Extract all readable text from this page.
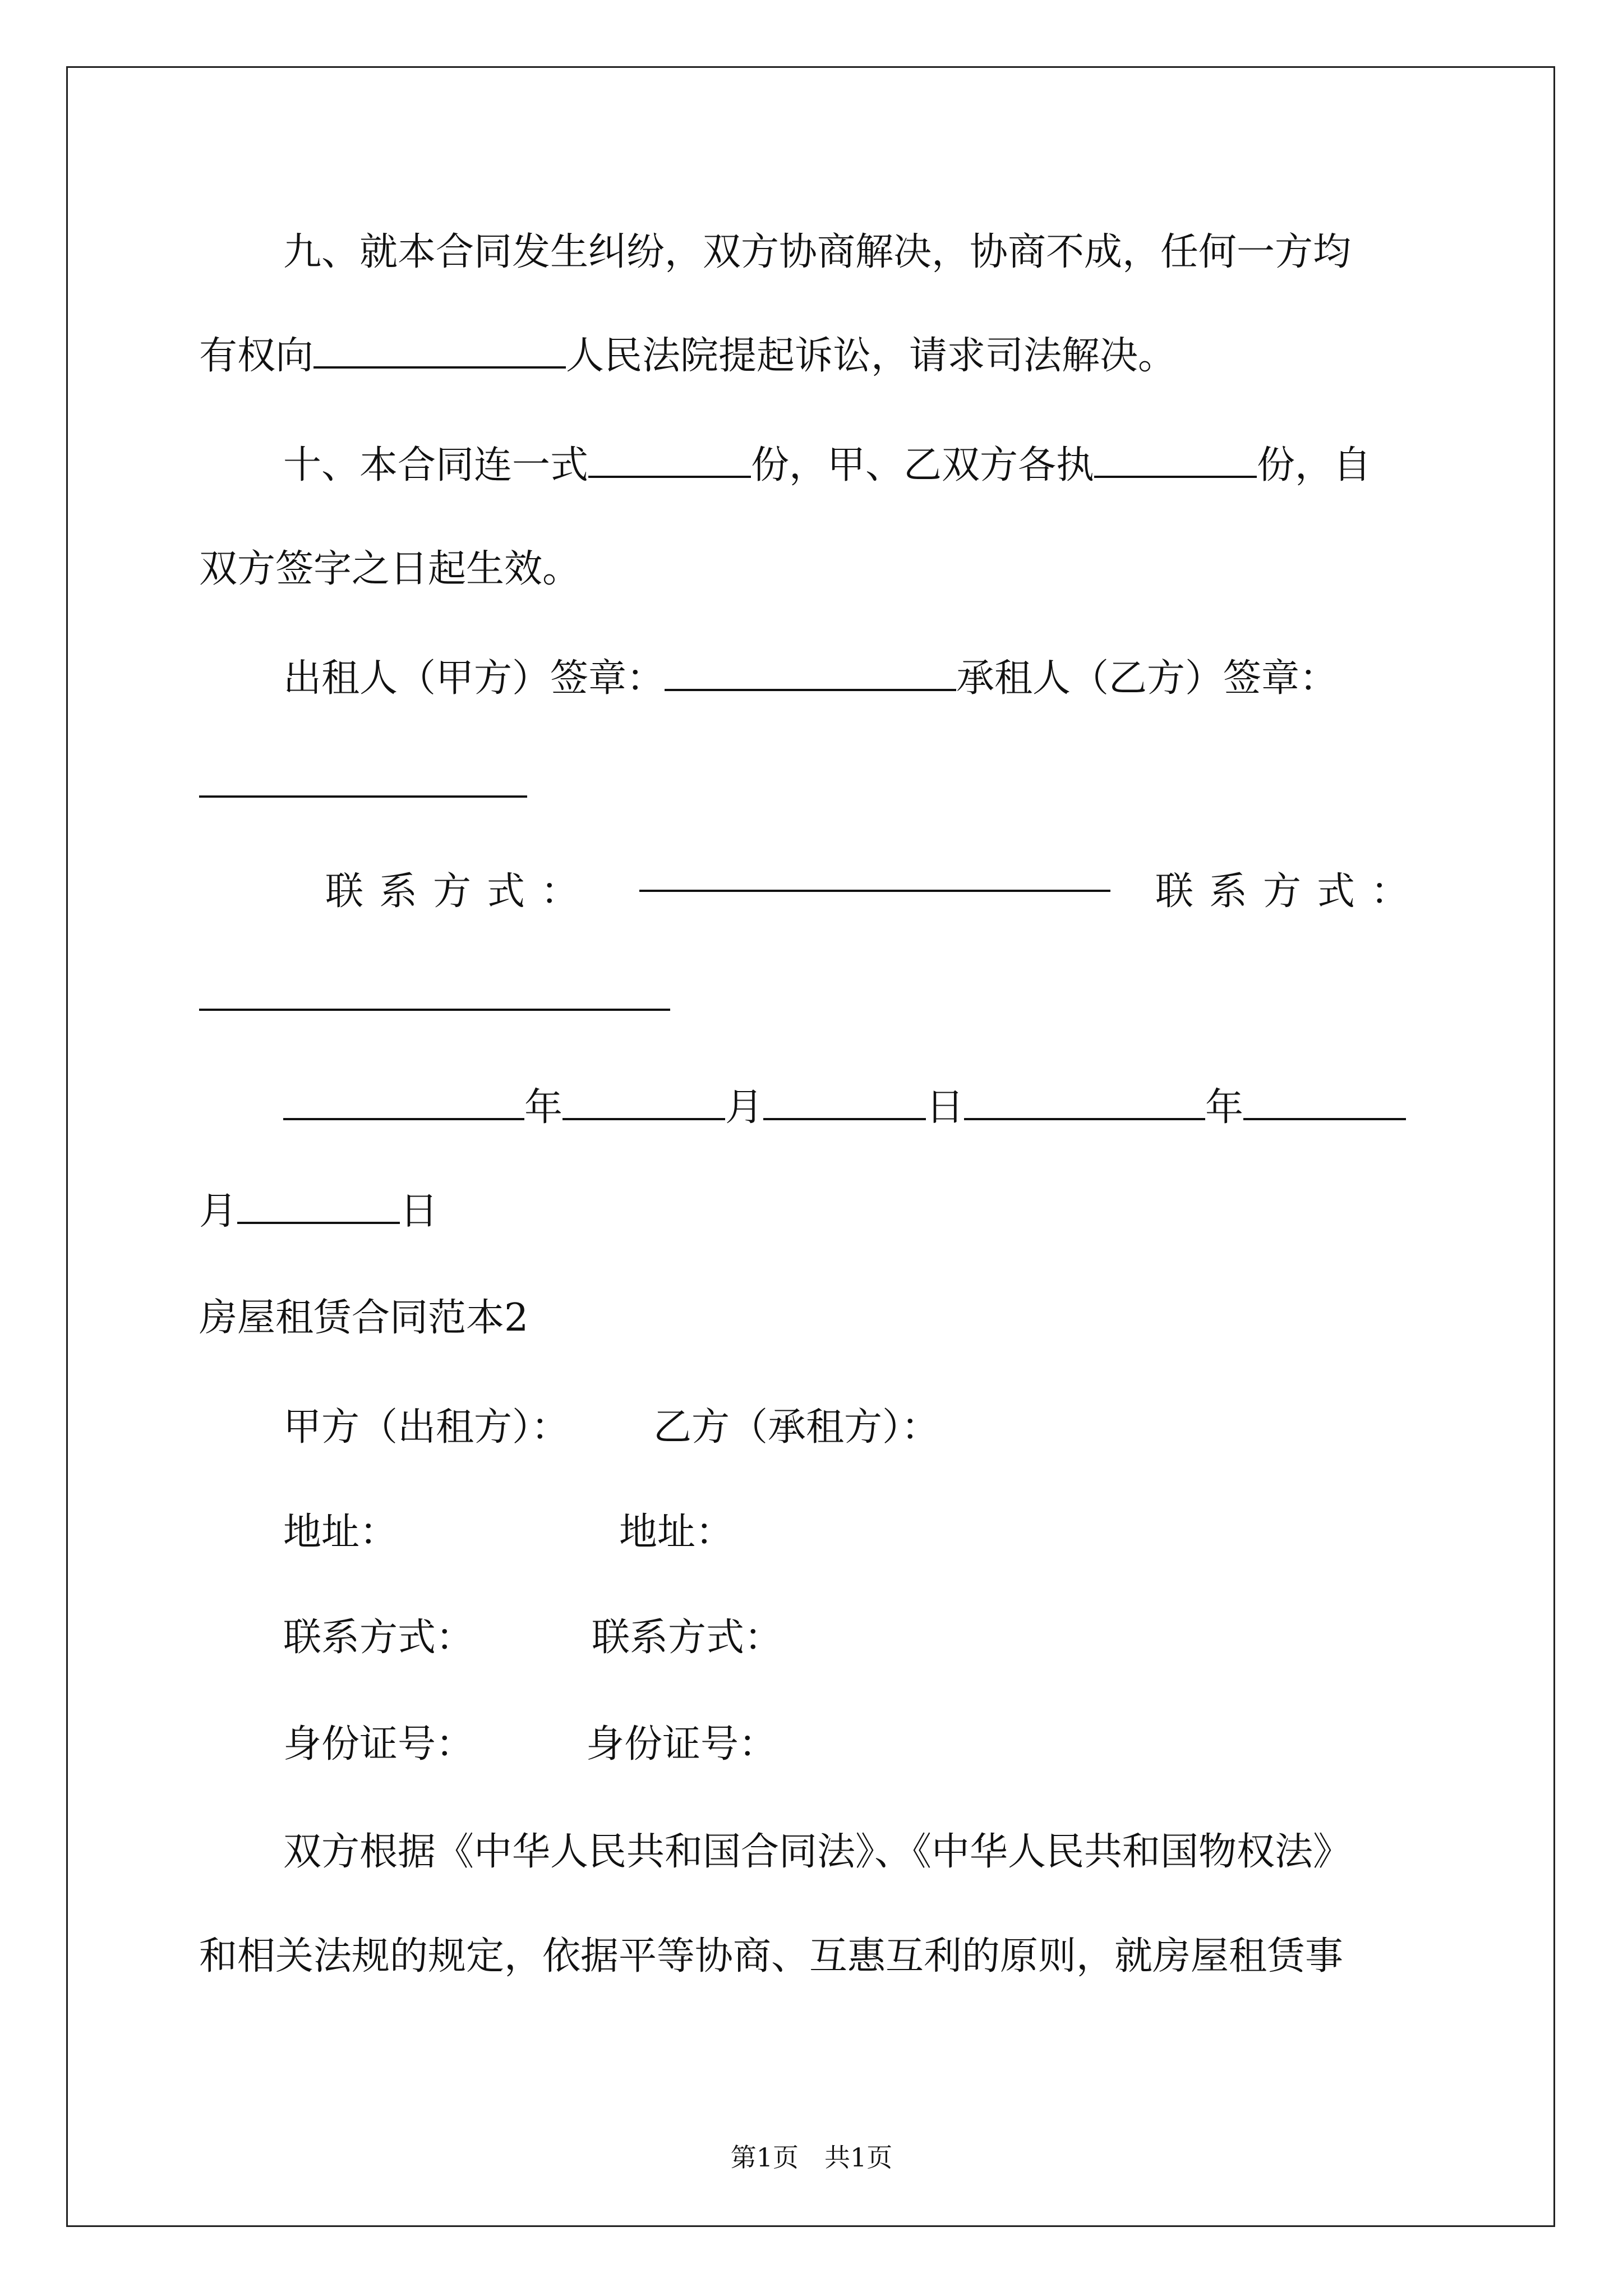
九、就本合同发生纠纷，双方协商解决，协商不成，任何一方均
有权向	人民法院提起诉讼，请求司法解决。
十、本合同连一式	份，甲、乙双方各执	份，自
双方签字之日起生效。
出租人（甲方）签章：	承租人（乙方）签章：
联系方式：	联系方式：
年	月	日	年
月	日
房屋租赁合同范本2
甲方（出租方）： 乙方（承租方）：
地址：	地址：
联系方式：	联系方式：
身份证号：	身份证号：
双方根据《中华人民共和国合同法》、《中华人民共和国物权法》
和相关法规的规定，依据平等协商、互惠互利的原则，就房屋租赁事
第1页　共1页
